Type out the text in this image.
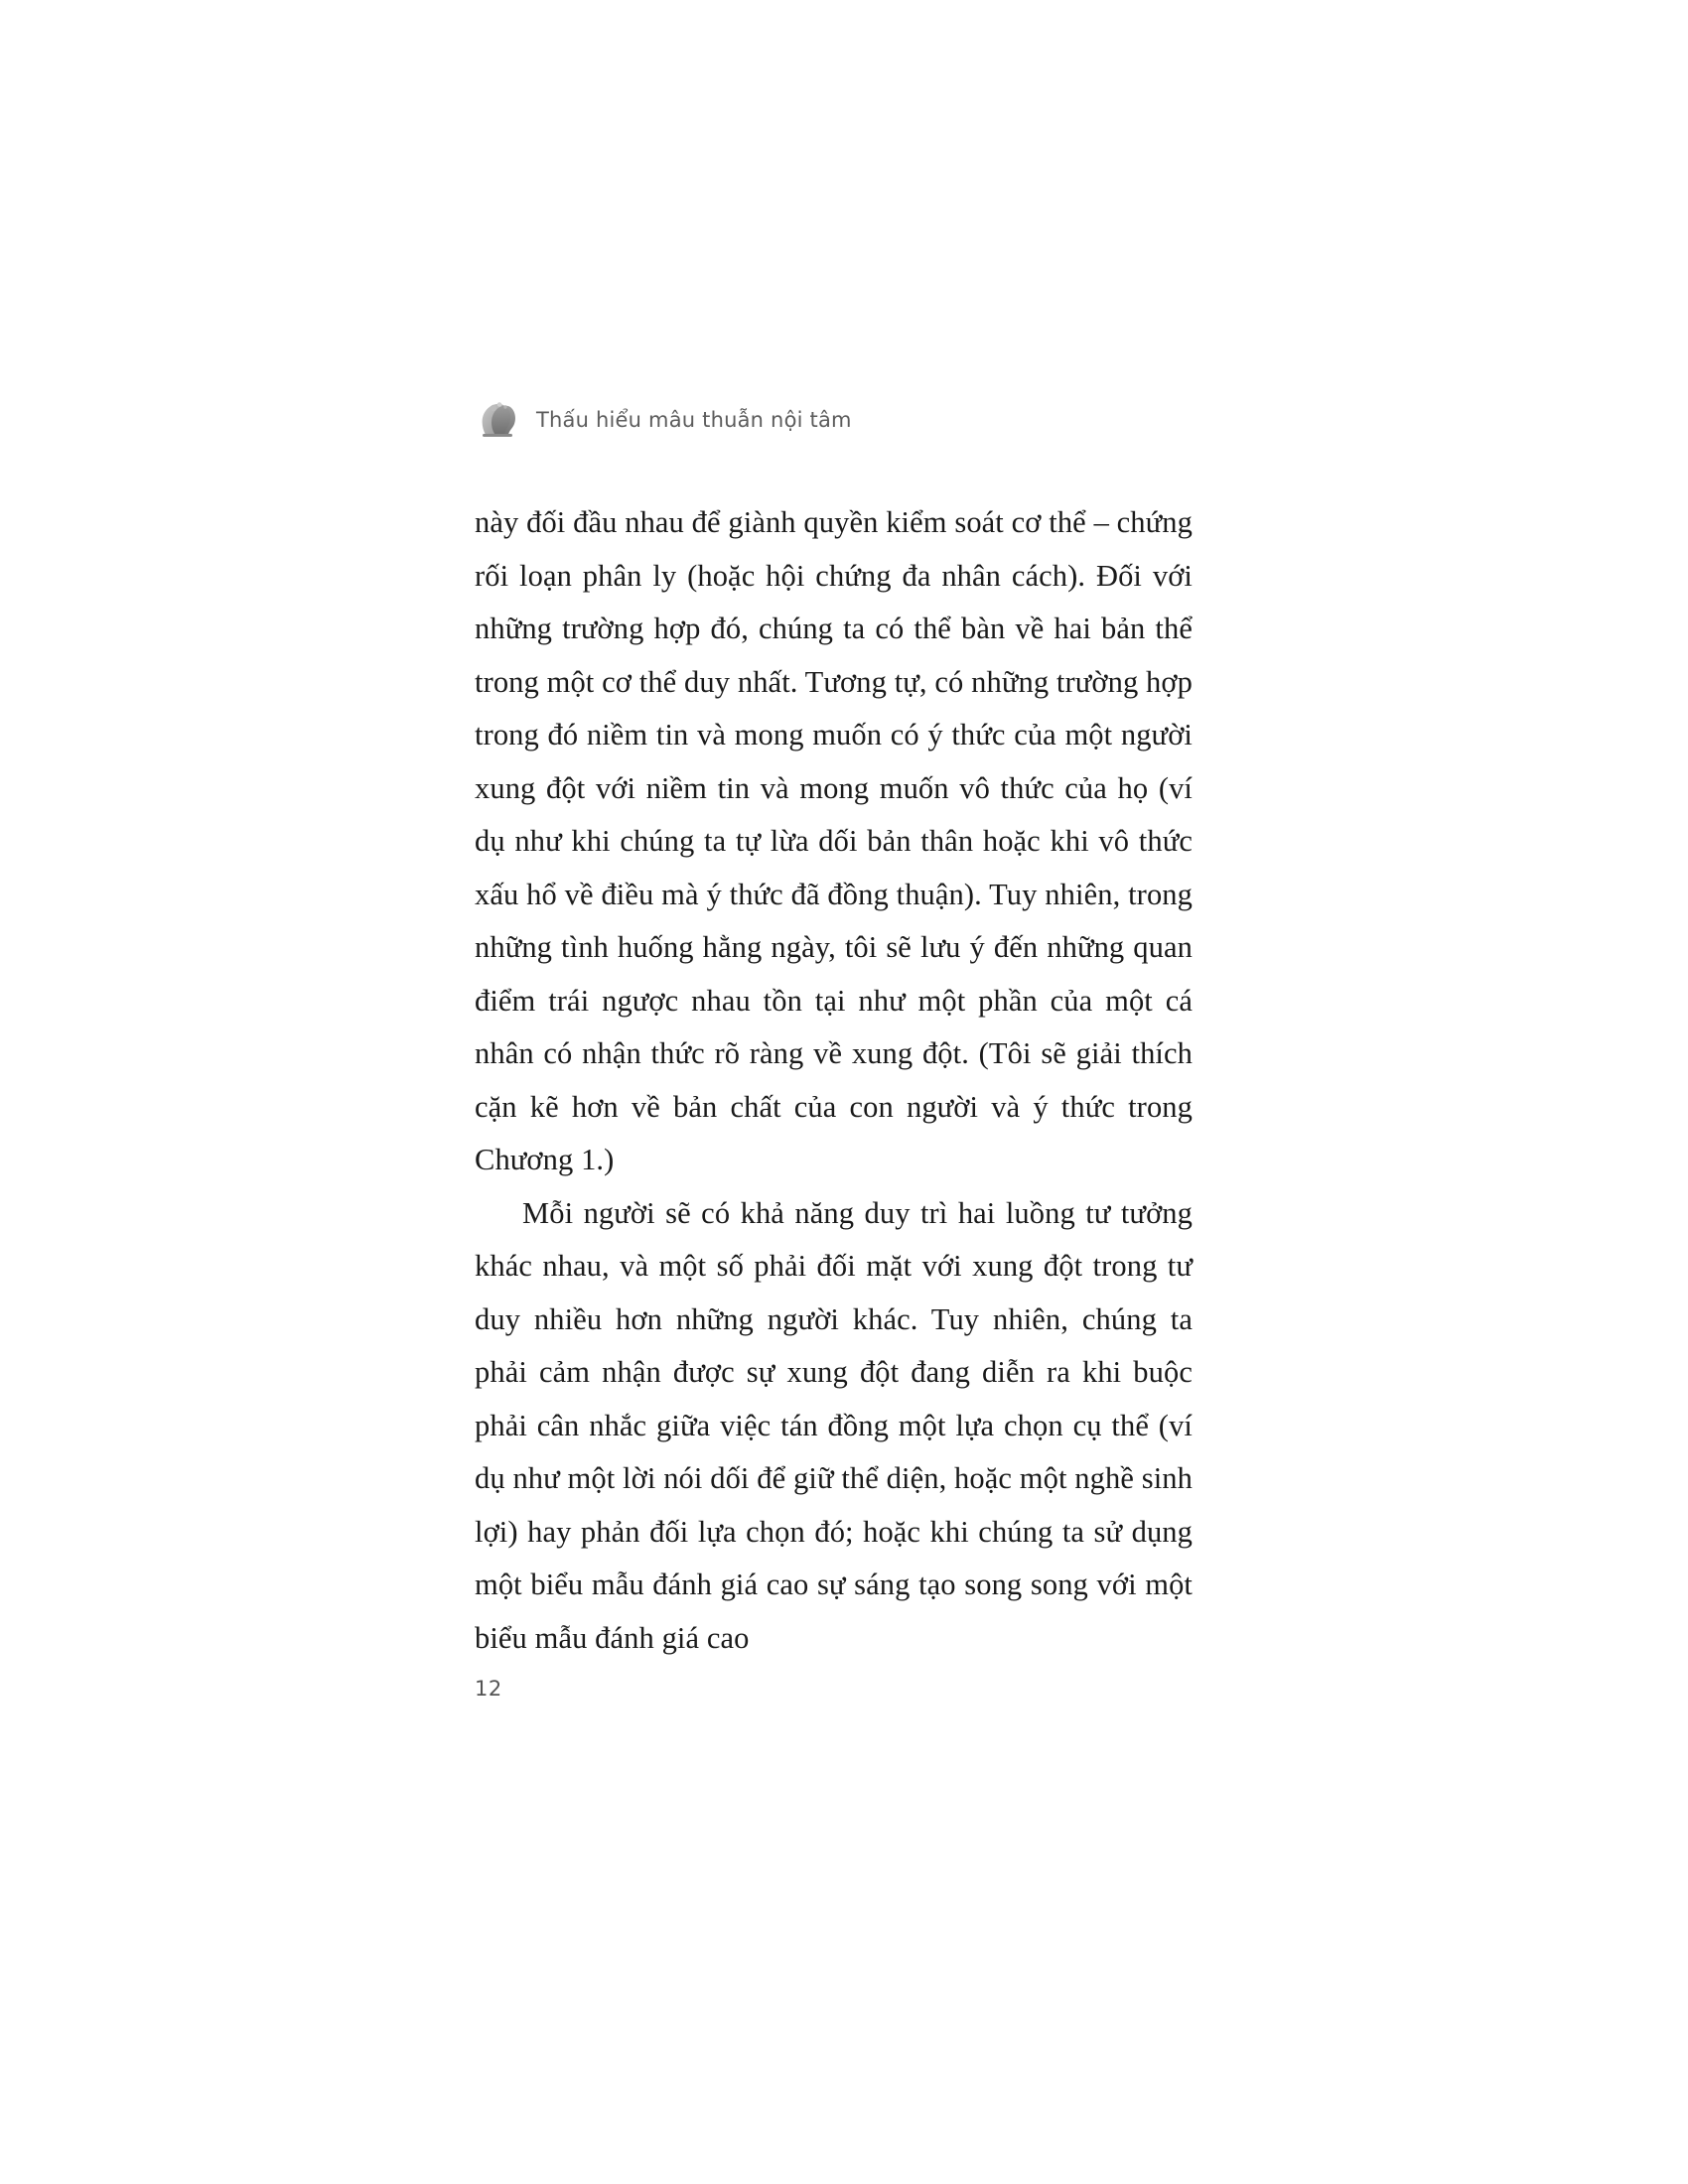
Thấu hiểu mâu thuẫn nội tâm

này đối đầu nhau để giành quyền kiểm soát cơ thể – chứng rối loạn phân ly (hoặc hội chứng đa nhân cách). Đối với những trường hợp đó, chúng ta có thể bàn về hai bản thể trong một cơ thể duy nhất. Tương tự, có những trường hợp trong đó niềm tin và mong muốn có ý thức của một người xung đột với niềm tin và mong muốn vô thức của họ (ví dụ như khi chúng ta tự lừa dối bản thân hoặc khi vô thức xấu hổ về điều mà ý thức đã đồng thuận). Tuy nhiên, trong những tình huống hằng ngày, tôi sẽ lưu ý đến những quan điểm trái ngược nhau tồn tại như một phần của một cá nhân có nhận thức rõ ràng về xung đột. (Tôi sẽ giải thích cặn kẽ hơn về bản chất của con người và ý thức trong Chương 1.)

Mỗi người sẽ có khả năng duy trì hai luồng tư tưởng khác nhau, và một số phải đối mặt với xung đột trong tư duy nhiều hơn những người khác. Tuy nhiên, chúng ta phải cảm nhận được sự xung đột đang diễn ra khi buộc phải cân nhắc giữa việc tán đồng một lựa chọn cụ thể (ví dụ như một lời nói dối để giữ thể diện, hoặc một nghề sinh lợi) hay phản đối lựa chọn đó; hoặc khi chúng ta sử dụng một biểu mẫu đánh giá cao sự sáng tạo song song với một biểu mẫu đánh giá cao

12
